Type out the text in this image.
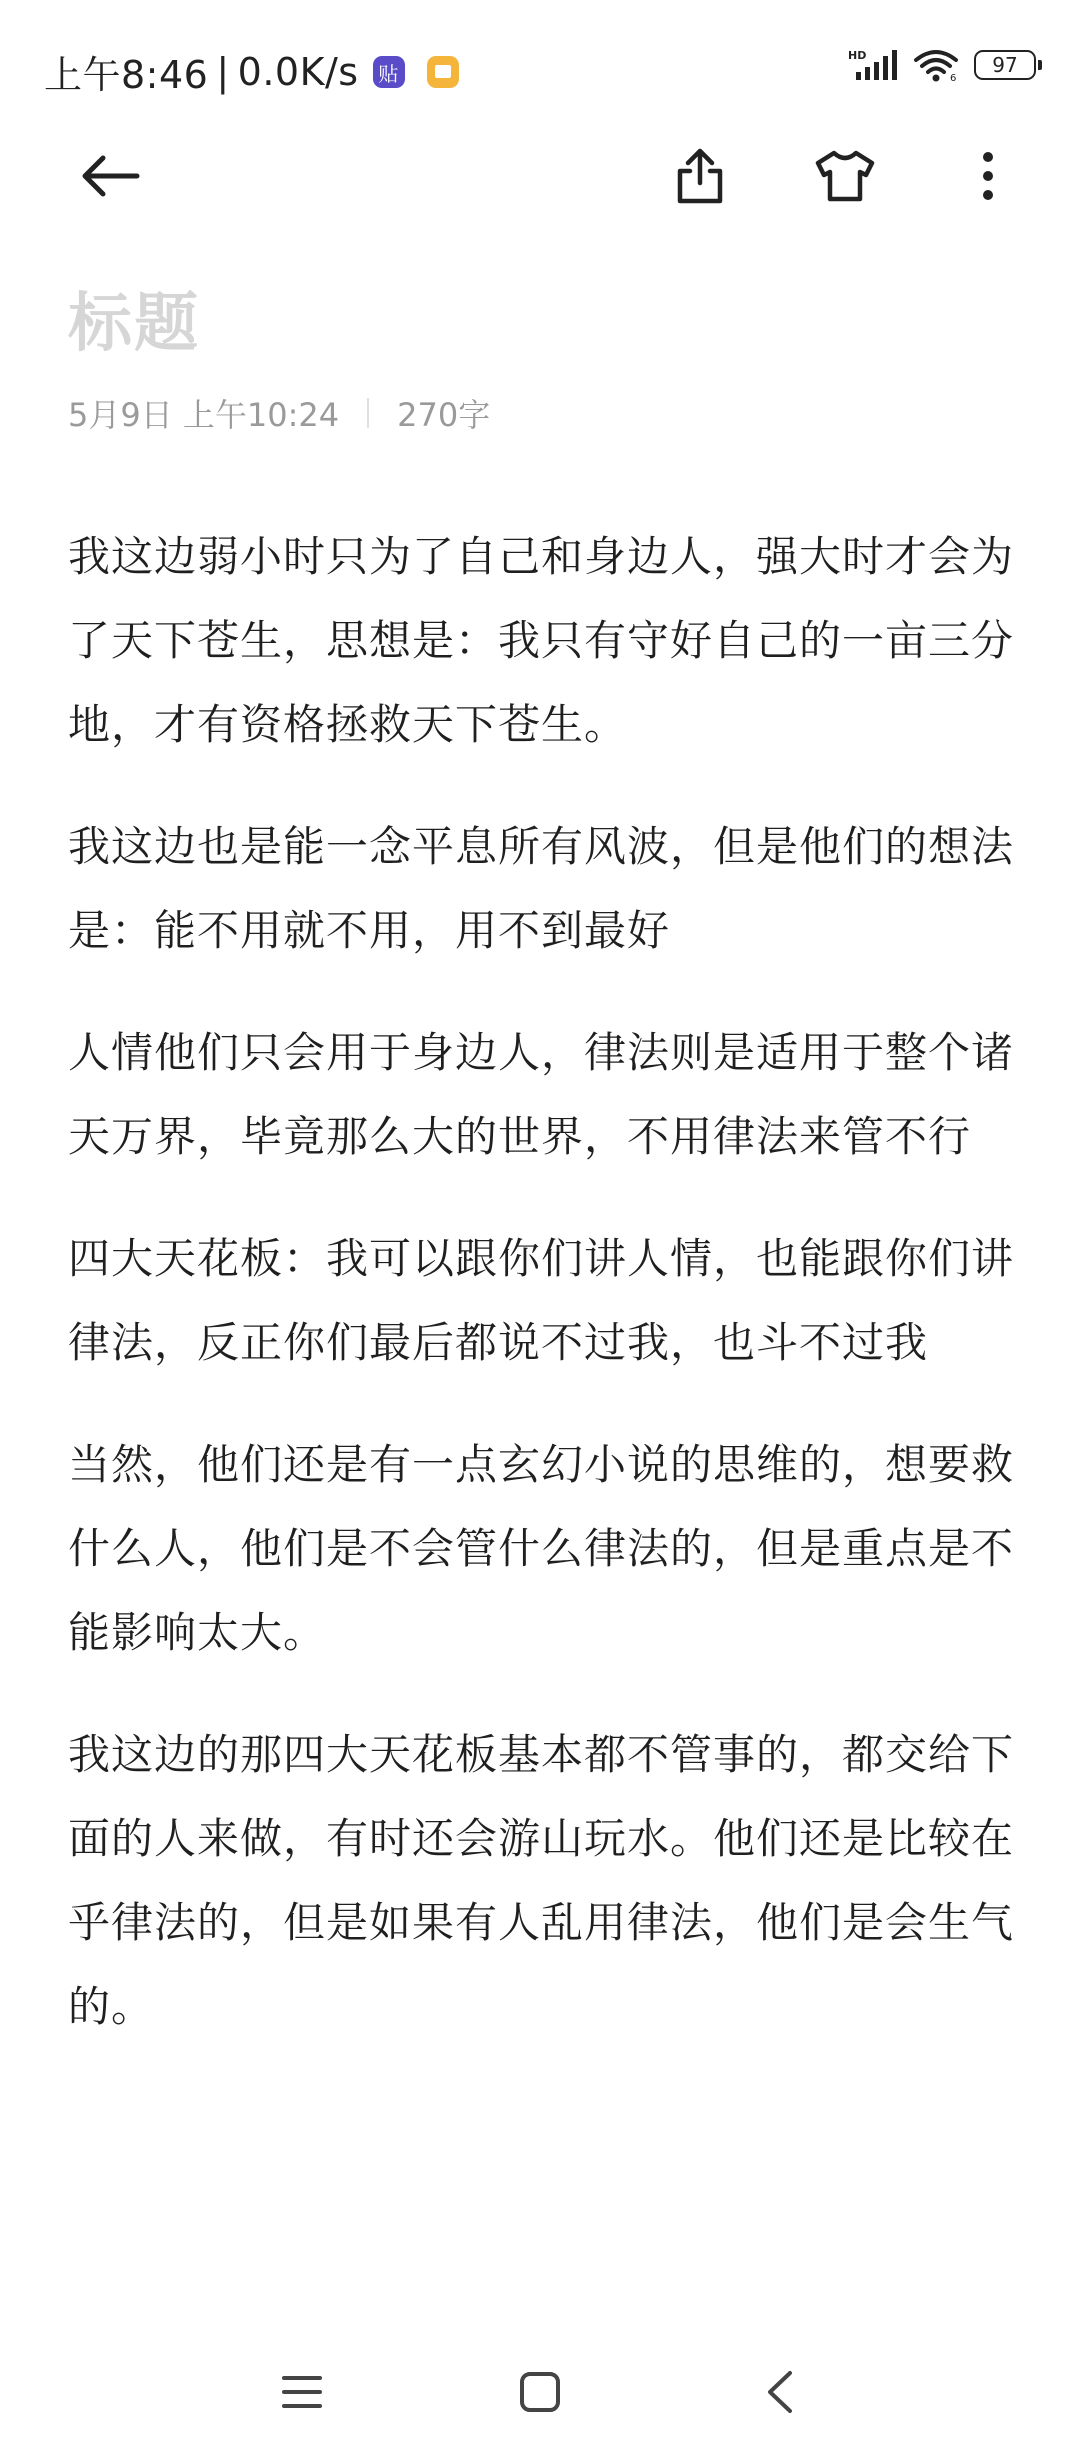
上午8:46 | 0.0K/s
贴	HD
6
97
标题
5月9日 上午10:24 270字

我这边弱小时只为了自己和身边人，强大时才会为了天下苍生，思想是：我只有守好自己的一亩三分地，才有资格拯救天下苍生。

我这边也是能一念平息所有风波，但是他们的想法是：能不用就不用，用不到最好

人情他们只会用于身边人，律法则是适用于整个诸天万界，毕竟那么大的世界，不用律法来管不行

四大天花板：我可以跟你们讲人情，也能跟你们讲律法，反正你们最后都说不过我，也斗不过我

当然，他们还是有一点玄幻小说的思维的，想要救什么人，他们是不会管什么律法的，但是重点是不能影响太大。

我这边的那四大天花板基本都不管事的，都交给下面的人来做，有时还会游山玩水。他们还是比较在乎律法的，但是如果有人乱用律法，他们是会生气的。
